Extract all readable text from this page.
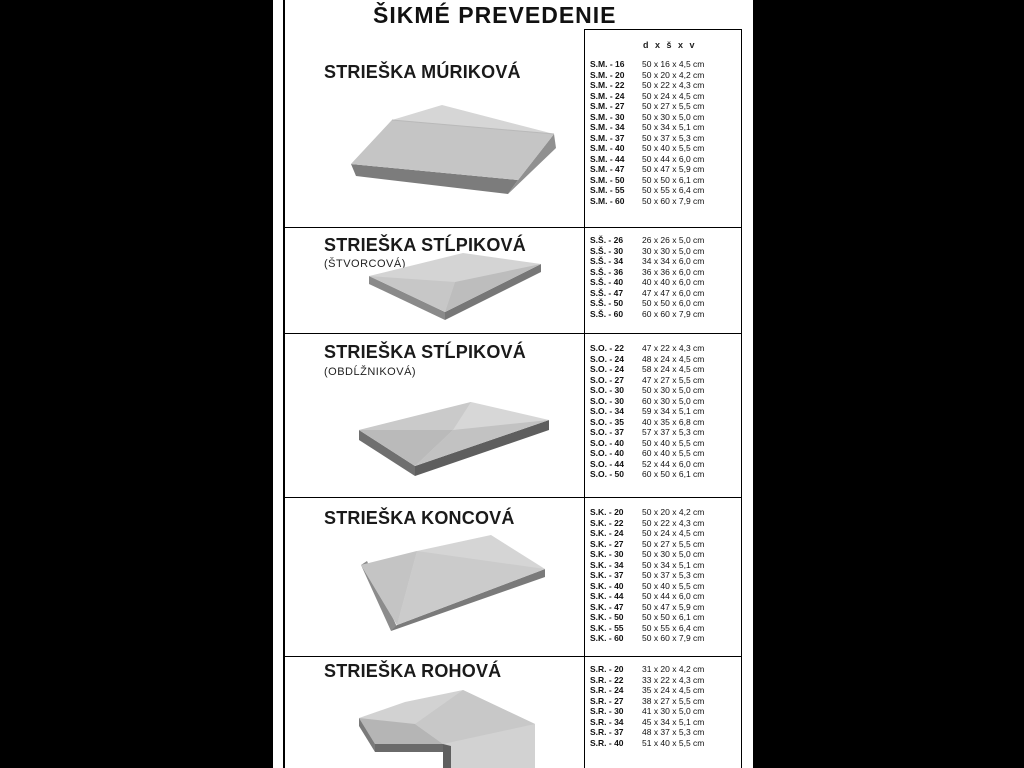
ŠIKMÉ PREVEDENIE
d x š x v
STRIEŠKA MÚRIKOVÁ	S.M. - 16 50 x 16 x 4,5 cm
S.M. - 20 50 x 20 x 4,2 cm
S.M. - 22 50 x 22 x 4,3 cm
S.M. - 24 50 x 24 x 4,5 cm
S.M. - 27 50 x 27 x 5,5 cm
S.M. - 30 50 x 30 x 5,0 cm
S.M. - 34 50 x 34 x 5,1 cm
S.M. - 37 50 x 37 x 5,3 cm
S.M. - 40 50 x 40 x 5,5 cm
S.M. - 44 50 x 44 x 6,0 cm
S.M. - 47 50 x 47 x 5,9 cm
S.M. - 50 50 x 50 x 6,1 cm
S.M. - 55 50 x 55 x 6,4 cm
S.M. - 60 50 x 60 x 7,9 cm
STRIEŠKA STĹPIKOVÁ
(ŠTVORCOVÁ)
S.Š. - 26 26 x 26 x 5,0 cm
S.Š. - 30 30 x 30 x 5,0 cm
S.Š. - 34 34 x 34 x 6,0 cm
S.Š. - 36 36 x 36 x 6,0 cm
S.Š. - 40 40 x 40 x 6,0 cm
S.Š. - 47 47 x 47 x 6,0 cm
S.Š. - 50 50 x 50 x 6,0 cm
S.Š. - 60 60 x 60 x 7,9 cm
STRIEŠKA STĹPIKOVÁ
(OBDĹŽNIKOVÁ)
S.O. - 22 47 x 22 x 4,3 cm
S.O. - 24 48 x 24 x 4,5 cm
S.O. - 24 58 x 24 x 4,5 cm
S.O. - 27 47 x 27 x 5,5 cm
S.O. - 30 50 x 30 x 5,0 cm
S.O. - 30 60 x 30 x 5,0 cm
S.O. - 34 59 x 34 x 5,1 cm
S.O. - 35 40 x 35 x 6,8 cm
S.O. - 37 57 x 37 x 5,3 cm
S.O. - 40 50 x 40 x 5,5 cm
S.O. - 40 60 x 40 x 5,5 cm
S.O. - 44 52 x 44 x 6,0 cm
S.O. - 50 60 x 50 x 6,1 cm
STRIEŠKA KONCOVÁ	S.K. - 20 50 x 20 x 4,2 cm
S.K. - 22 50 x 22 x 4,3 cm
S.K. - 24 50 x 24 x 4,5 cm
S.K. - 27 50 x 27 x 5,5 cm
S.K. - 30 50 x 30 x 5,0 cm
S.K. - 34 50 x 34 x 5,1 cm
S.K. - 37 50 x 37 x 5,3 cm
S.K. - 40 50 x 40 x 5,5 cm
S.K. - 44 50 x 44 x 6,0 cm
S.K. - 47 50 x 47 x 5,9 cm
S.K. - 50 50 x 50 x 6,1 cm
S.K. - 55 50 x 55 x 6,4 cm
S.K. - 60 50 x 60 x 7,9 cm
STRIEŠKA ROHOVÁ	S.R. - 20 31 x 20 x 4,2 cm
S.R. - 22 33 x 22 x 4,3 cm
S.R. - 24 35 x 24 x 4,5 cm
S.R. - 27 38 x 27 x 5,5 cm
S.R. - 30 41 x 30 x 5,0 cm
S.R. - 34 45 x 34 x 5,1 cm
S.R. - 37 48 x 37 x 5,3 cm
S.R. - 40 51 x 40 x 5,5 cm
